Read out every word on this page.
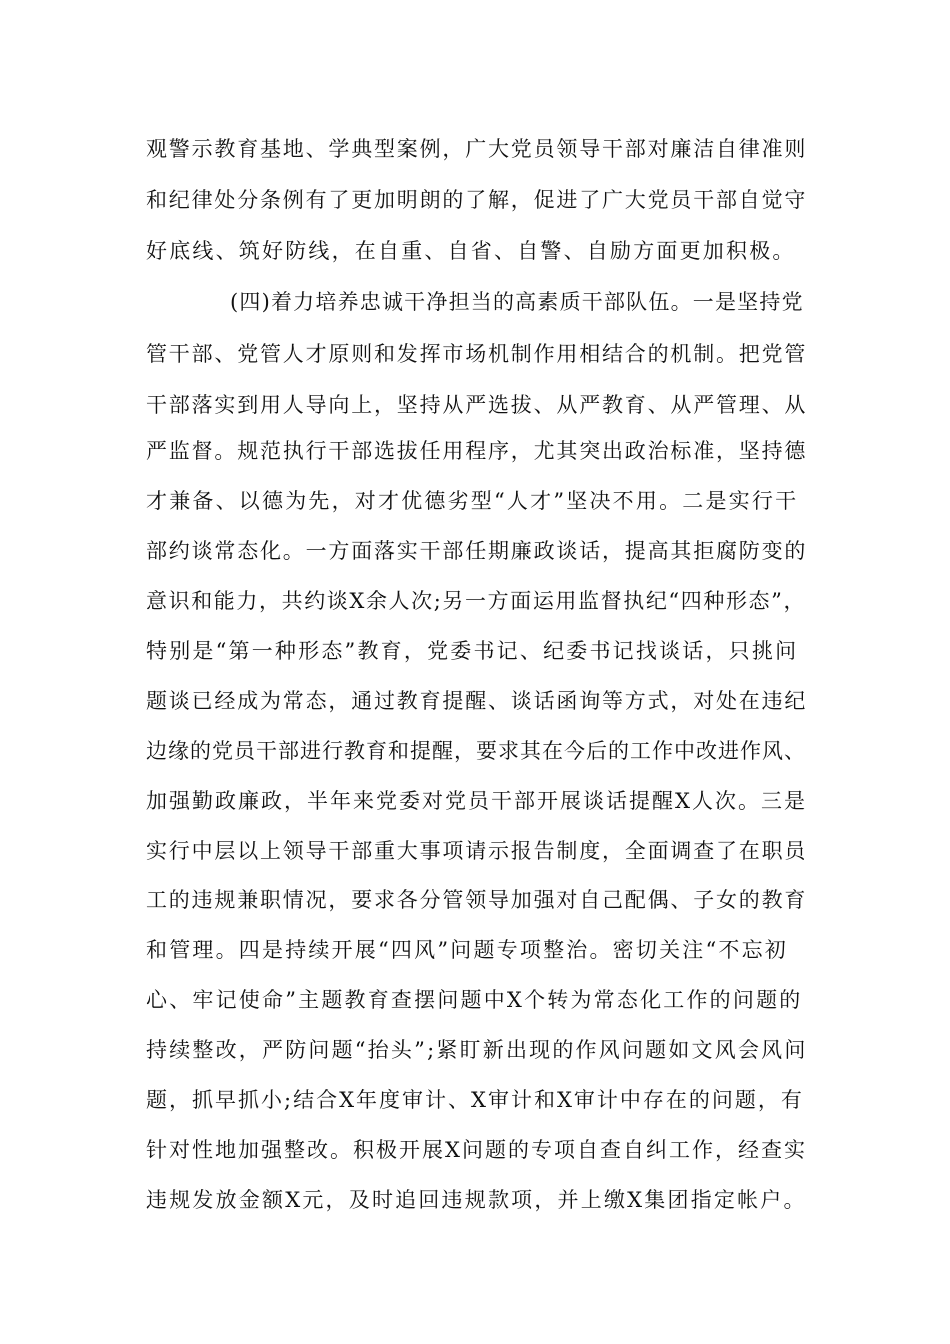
观警示教育基地、学典型案例，广大党员领导干部对廉洁自律准则
和纪律处分条例有了更加明朗的了解，促进了广大党员干部自觉守
好底线、筑好防线，在自重、自省、自警、自励方面更加积极。
(四)着力培养忠诚干净担当的高素质干部队伍。一是坚持党
管干部、党管人才原则和发挥市场机制作用相结合的机制。把党管
干部落实到用人导向上，坚持从严选拔、从严教育、从严管理、从
严监督。规范执行干部选拔任用程序，尤其突出政治标准，坚持德
才兼备、以德为先，对才优德劣型“人才”坚决不用。二是实行干
部约谈常态化。一方面落实干部任期廉政谈话，提高其拒腐防变的
意识和能力，共约谈X余人次;另一方面运用监督执纪“四种形态”，
特别是“第一种形态”教育，党委书记、纪委书记找谈话，只挑问
题谈已经成为常态，通过教育提醒、谈话函询等方式，对处在违纪
边缘的党员干部进行教育和提醒，要求其在今后的工作中改进作风、
加强勤政廉政，半年来党委对党员干部开展谈话提醒X人次。三是
实行中层以上领导干部重大事项请示报告制度，全面调查了在职员
工的违规兼职情况，要求各分管领导加强对自己配偶、子女的教育
和管理。四是持续开展“四风”问题专项整治。密切关注“不忘初
心、牢记使命”主题教育查摆问题中X个转为常态化工作的问题的
持续整改，严防问题“抬头”;紧盯新出现的作风问题如文风会风问
题，抓早抓小;结合X年度审计、X审计和X审计中存在的问题，有
针对性地加强整改。积极开展X问题的专项自查自纠工作，经查实
违规发放金额X元，及时追回违规款项，并上缴X集团指定帐户。
